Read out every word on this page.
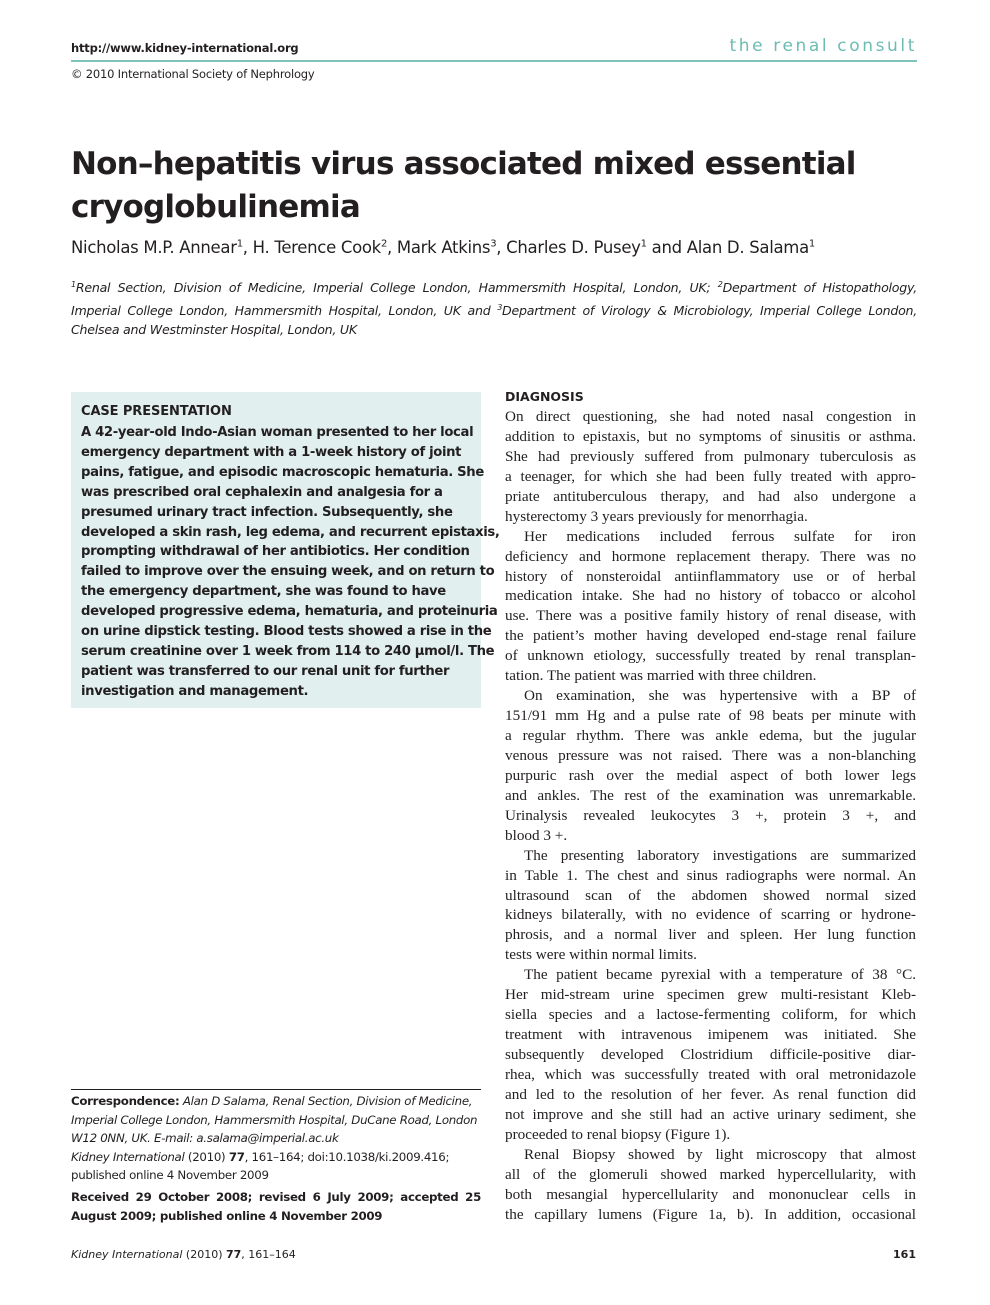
http://www.kidney-international.org	the renal consult
© 2010 International Society of Nephrology
Non–hepatitis virus associated mixed essential cryoglobulinemia
Nicholas M.P. Annear$^1$, H. Terence Cook$^2$, Mark Atkins$^3$, Charles D. Pusey$^1$ and Alan D. Salama$^1$
$^1$Renal Section, Division of Medicine, Imperial College London, Hammersmith Hospital, London, UK; $^2$Department of Histopathology, Imperial College London, Hammersmith Hospital, London, UK and $^3$Department of Virology & Microbiology, Imperial College London, Chelsea and Westminster Hospital, London, UK
CASE PRESENTATION
A 42-year-old Indo-Asian woman presented to her local
emergency department with a 1-week history of joint
pains, fatigue, and episodic macroscopic hematuria. She
was prescribed oral cephalexin and analgesia for a
presumed urinary tract infection. Subsequently, she
developed a skin rash, leg edema, and recurrent epistaxis,
prompting withdrawal of her antibiotics. Her condition
failed to improve over the ensuing week, and on return to
the emergency department, she was found to have
developed progressive edema, hematuria, and proteinuria
on urine dipstick testing. Blood tests showed a rise in the
serum creatinine over 1 week from 114 to 240 μmol/l. The
patient was transferred to our renal unit for further
investigation and management.
Correspondence: Alan D Salama, Renal Section, Division of Medicine, Imperial College London, Hammersmith Hospital, DuCane Road, London W12 0NN, UK. E-mail: a.salama@imperial.ac.uk
Kidney International (2010) 77, 161–164; doi:10.1038/ki.2009.416;
published online 4 November 2009
Received 29 October 2008; revised 6 July 2009; accepted 25 August 2009; published online 4 November 2009
DIAGNOSIS
On direct questioning, she had noted nasal congestion in
addition to epistaxis, but no symptoms of sinusitis or asthma.
She had previously suffered from pulmonary tuberculosis as
a teenager, for which she had been fully treated with appro-
priate antituberculous therapy, and had also undergone a
hysterectomy 3 years previously for menorrhagia.
Her medications included ferrous sulfate for iron
deficiency and hormone replacement therapy. There was no
history of nonsteroidal antiinflammatory use or of herbal
medication intake. She had no history of tobacco or alcohol
use. There was a positive family history of renal disease, with
the patient’s mother having developed end-stage renal failure
of unknown etiology, successfully treated by renal transplan-
tation. The patient was married with three children.
On examination, she was hypertensive with a BP of
151/91 mm Hg and a pulse rate of 98 beats per minute with
a regular rhythm. There was ankle edema, but the jugular
venous pressure was not raised. There was a non-blanching
purpuric rash over the medial aspect of both lower legs
and ankles. The rest of the examination was unremarkable.
Urinalysis revealed leukocytes 3 +, protein 3 +, and
blood 3 +.
The presenting laboratory investigations are summarized
in Table 1. The chest and sinus radiographs were normal. An
ultrasound scan of the abdomen showed normal sized
kidneys bilaterally, with no evidence of scarring or hydrone-
phrosis, and a normal liver and spleen. Her lung function
tests were within normal limits.
The patient became pyrexial with a temperature of 38 °C.
Her mid-stream urine specimen grew multi-resistant Kleb-
siella species and a lactose-fermenting coliform, for which
treatment with intravenous imipenem was initiated. She
subsequently developed Clostridium difficile-positive diar-
rhea, which was successfully treated with oral metronidazole
and led to the resolution of her fever. As renal function did
not improve and she still had an active urinary sediment, she
proceeded to renal biopsy (Figure 1).
Renal Biopsy showed by light microscopy that almost
all of the glomeruli showed marked hypercellularity, with
both mesangial hypercellularity and mononuclear cells in
the capillary lumens (Figure 1a, b). In addition, occasional
Kidney International (2010) 77, 161–164	161
